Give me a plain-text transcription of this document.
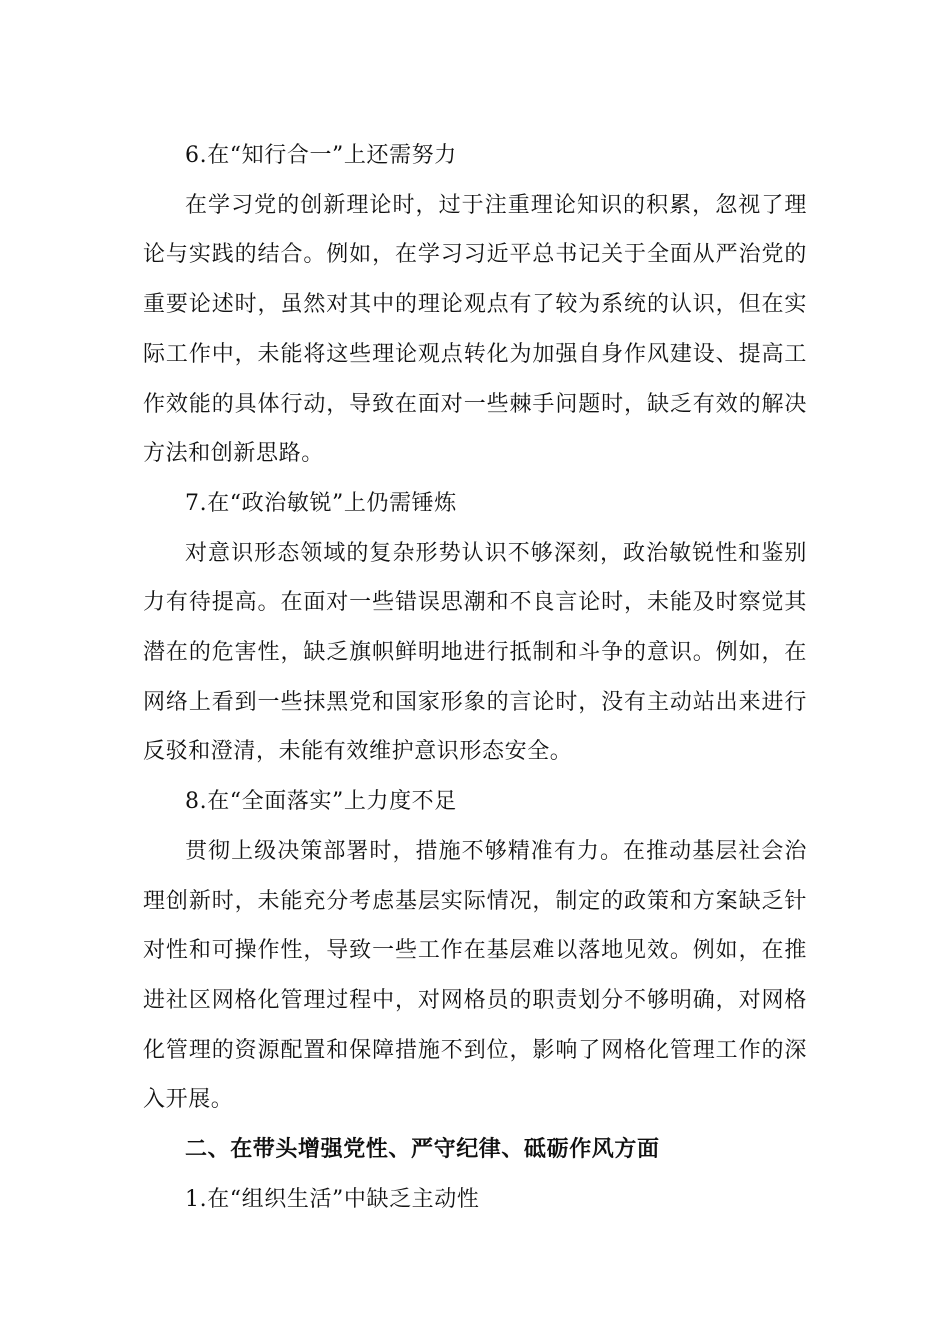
6.在“知行合一”上还需努力

在学习党的创新理论时，过于注重理论知识的积累，忽视了理论与实践的结合。例如，在学习习近平总书记关于全面从严治党的重要论述时，虽然对其中的理论观点有了较为系统的认识，但在实际工作中，未能将这些理论观点转化为加强自身作风建设、提高工作效能的具体行动，导致在面对一些棘手问题时，缺乏有效的解决方法和创新思路。

7.在“政治敏锐”上仍需锤炼

对意识形态领域的复杂形势认识不够深刻，政治敏锐性和鉴别力有待提高。在面对一些错误思潮和不良言论时，未能及时察觉其潜在的危害性，缺乏旗帜鲜明地进行抵制和斗争的意识。例如，在网络上看到一些抹黑党和国家形象的言论时，没有主动站出来进行反驳和澄清，未能有效维护意识形态安全。

8.在“全面落实”上力度不足

贯彻上级决策部署时，措施不够精准有力。在推动基层社会治理创新时，未能充分考虑基层实际情况，制定的政策和方案缺乏针对性和可操作性，导致一些工作在基层难以落地见效。例如，在推进社区网格化管理过程中，对网格员的职责划分不够明确，对网格化管理的资源配置和保障措施不到位，影响了网格化管理工作的深入开展。

二、在带头增强党性、严守纪律、砥砺作风方面

1.在“组织生活”中缺乏主动性
